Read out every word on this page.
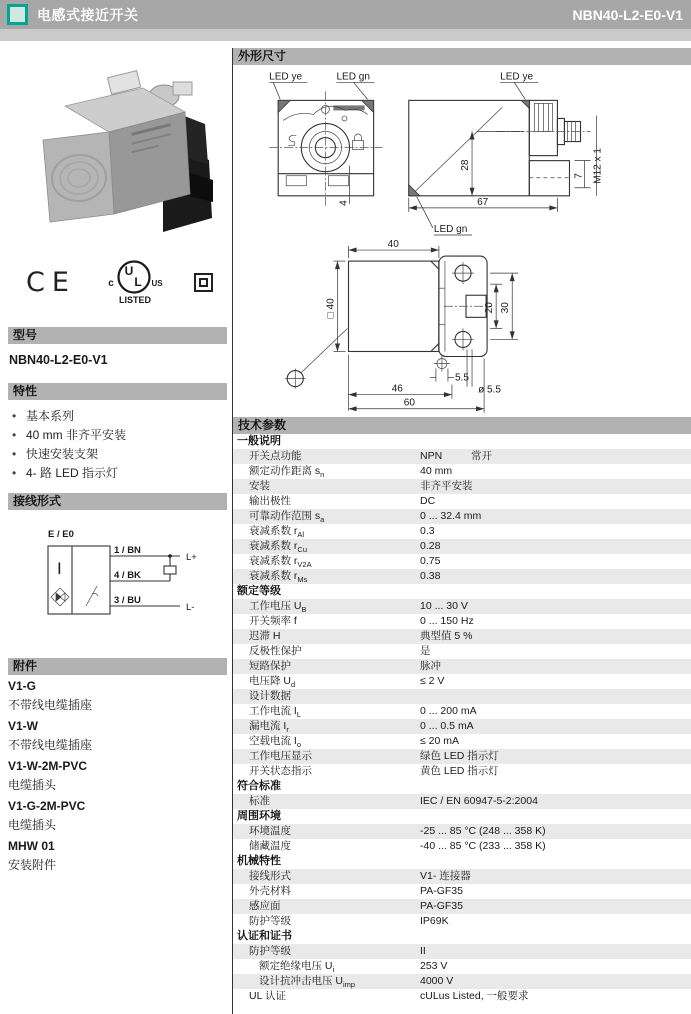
电感式接近开关	NBN40-L2-E0-V1
CE	U
L
c	US
LISTED
型号
NBN40-L2-E0-V1
特性
• 基本系列
• 40 mm 非齐平安装
• 快速安装支架
• 4- 路 LED 指示灯
接线形式
E / E0
I
1 / BN
4 / BK
3 / BU
L+
L-
附件
V1-G
不带线电缆插座
V1-W
不带线电缆插座
V1-W-2M-PVC
电缆插头
V1-G-2M-PVC
电缆插头
MHW 01
安装附件
外形尺寸
4
LED ye	LED gn
28
67
7 M12 x 1
LED ye
LED gn
40
□ 40	20 30
5.5
46
60
ø 5.5
技术参数
一般说明
开关点功能	NPN	常开
额定动作距离 $s_n$	40 mm
安装	非齐平安装
输出极性	DC
可靠动作范围 $s_a$	0 ... 32.4 mm
衰减系数 $r_{Al}$	0.3
衰减系数 $r_{Cu}$	0.28
衰减系数 $r_{V2A}$	0.75
衰减系数 $r_{Ms}$	0.38
额定等级
工作电压 $U_B$	10 ... 30 V
开关频率 f	0 ... 150 Hz
迟滞 H	典型值 5 %
反极性保护	是
短路保护	脉冲
电压降 $U_d$	≤ 2 V
设计数据
工作电流 $I_L$	0 ... 200 mA
漏电流 $I_r$	0 ... 0.5 mA
空载电流 $I_o$	≤ 20 mA
工作电压显示	绿色 LED 指示灯
开关状态指示	黄色 LED 指示灯
符合标准
标准	IEC / EN 60947-5-2:2004
周围环境
环境温度	-25 ... 85 °C (248 ... 358 K)
储藏温度	-40 ... 85 °C (233 ... 358 K)
机械特性
接线形式	V1- 连接器
外壳材料	PA-GF35
感应面	PA-GF35
防护等级	IP69K
认证和证书
防护等级	II
额定绝缘电压 $U_i$	253 V
设计抗冲击电压 $U_{imp}$	4000 V
UL 认证	cULus Listed, 一般要求
